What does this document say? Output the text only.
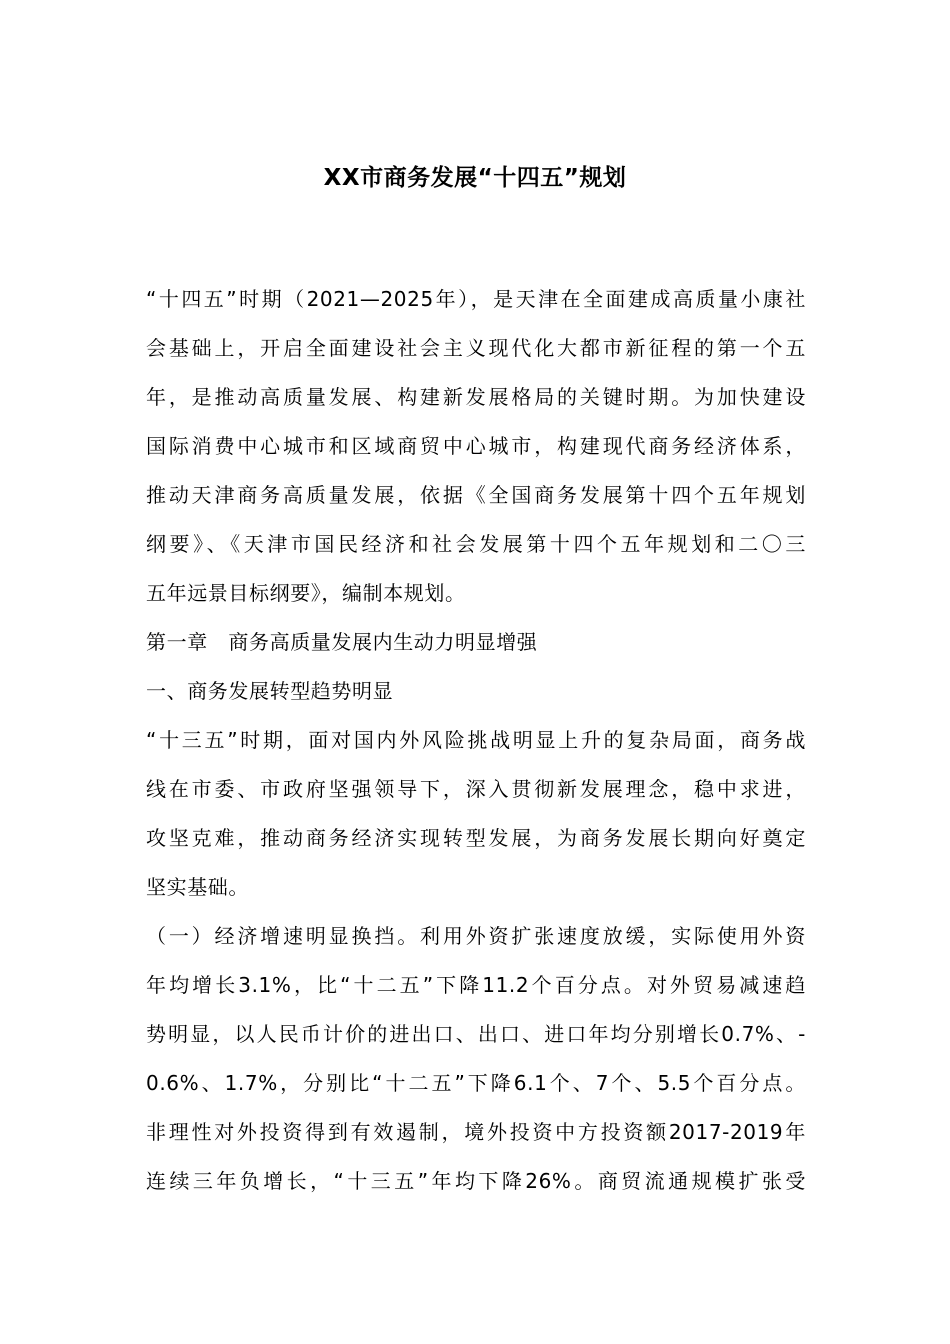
XX市商务发展“十四五”规划
“十四五”时期（2021—2025年），是天津在全面建成高质量小康社
会基础上，开启全面建设社会主义现代化大都市新征程的第一个五
年，是推动高质量发展、构建新发展格局的关键时期。为加快建设
国际消费中心城市和区域商贸中心城市，构建现代商务经济体系，
推动天津商务高质量发展，依据《全国商务发展第十四个五年规划
纲要》、《天津市国民经济和社会发展第十四个五年规划和二〇三
五年远景目标纲要》，编制本规划。
第一章　商务高质量发展内生动力明显增强
一、商务发展转型趋势明显
“十三五”时期，面对国内外风险挑战明显上升的复杂局面，商务战
线在市委、市政府坚强领导下，深入贯彻新发展理念，稳中求进，
攻坚克难，推动商务经济实现转型发展，为商务发展长期向好奠定
坚实基础。
（一）经济增速明显换挡。利用外资扩张速度放缓，实际使用外资
年均增长3.1%，比“十二五”下降11.2个百分点。对外贸易减速趋
势明显，以人民币计价的进出口、出口、进口年均分别增长0.7%、-
0.6%、1.7%，分别比“十二五”下降6.1个、7个、5.5个百分点。
非理性对外投资得到有效遏制，境外投资中方投资额2017-2019年
连续三年负增长，“十三五”年均下降26%。商贸流通规模扩张受
